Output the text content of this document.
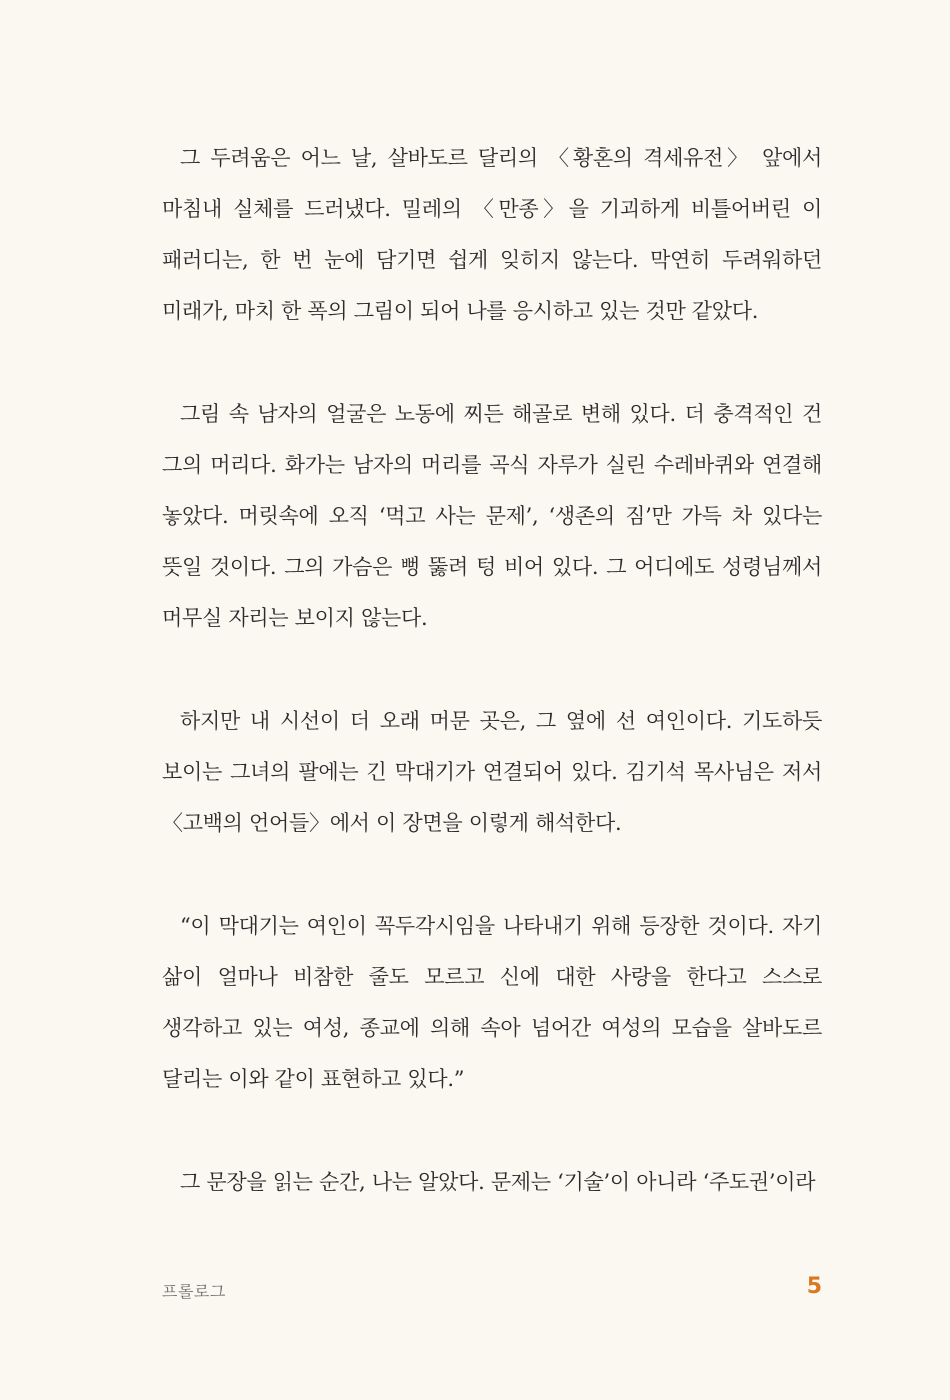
그 두려움은 어느 날, 살바도르 달리의 〈황혼의 격세유전〉 앞에서 마침내 실체를 드러냈다. 밀레의 〈만종〉을 기괴하게 비틀어버린 이 패러디는, 한 번 눈에 담기면 쉽게 잊히지 않는다. 막연히 두려워하던 미래가, 마치 한 폭의 그림이 되어 나를 응시하고 있는 것만 같았다.

그림 속 남자의 얼굴은 노동에 찌든 해골로 변해 있다. 더 충격적인 건 그의 머리다. 화가는 남자의 머리를 곡식 자루가 실린 수레바퀴와 연결해 놓았다. 머릿속에 오직 ‘먹고 사는 문제’, ‘생존의 짐’만 가득 차 있다는 뜻일 것이다. 그의 가슴은 뻥 뚫려 텅 비어 있다. 그 어디에도 성령님께서 머무실 자리는 보이지 않는다.

하지만 내 시선이 더 오래 머문 곳은, 그 옆에 선 여인이다. 기도하듯 보이는 그녀의 팔에는 긴 막대기가 연결되어 있다. 김기석 목사님은 저서 〈고백의 언어들〉에서 이 장면을 이렇게 해석한다.

“이 막대기는 여인이 꼭두각시임을 나타내기 위해 등장한 것이다. 자기 삶이 얼마나 비참한 줄도 모르고 신에 대한 사랑을 한다고 스스로 생각하고 있는 여성, 종교에 의해 속아 넘어간 여성의 모습을 살바도르 달리는 이와 같이 표현하고 있다.”

그 문장을 읽는 순간, 나는 알았다. 문제는 ‘기술’이 아니라 ‘주도권’이라

프롤로그	5
